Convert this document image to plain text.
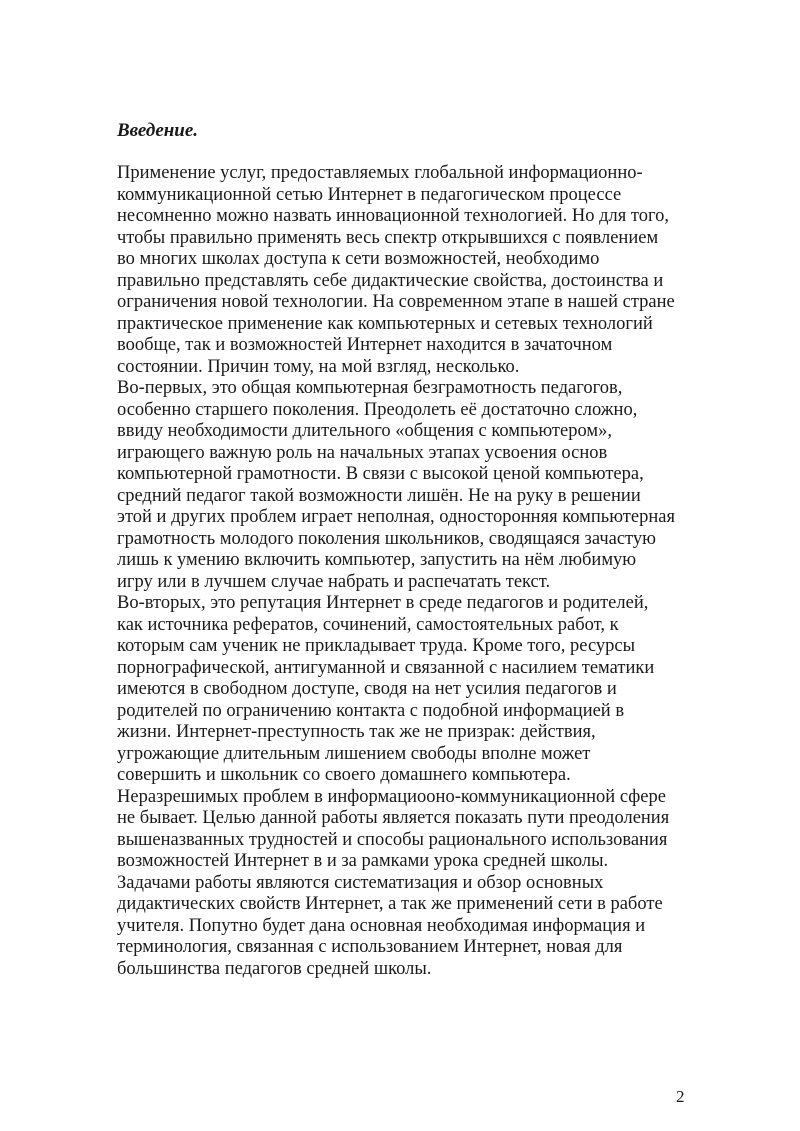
Введение.
Применение услуг, предоставляемых глобальной информационно-
коммуникационной сетью Интернет в педагогическом процессе
несомненно можно назвать инновационной технологией. Но для того,
чтобы правильно применять весь спектр открывшихся с появлением
во многих школах доступа к сети возможностей, необходимо
правильно представлять себе дидактические свойства, достоинства и
ограничения новой технологии. На современном этапе в нашей стране
практическое применение как компьютерных и сетевых технологий
вообще, так и возможностей Интернет находится в зачаточном
состоянии. Причин тому, на мой взгляд, несколько.
Во-первых, это общая компьютерная безграмотность педагогов,
особенно старшего поколения. Преодолеть её достаточно сложно,
ввиду необходимости длительного «общения с компьютером»,
играющего важную роль на начальных этапах усвоения основ
компьютерной грамотности. В связи с высокой ценой компьютера,
средний педагог такой возможности лишён. Не на руку в решении
этой и других проблем играет неполная, односторонняя компьютерная
грамотность молодого поколения школьников, сводящаяся зачастую
лишь к умению включить компьютер, запустить на нём любимую
игру или в лучшем случае набрать и распечатать текст.
Во-вторых, это репутация Интернет в среде педагогов и родителей,
как источника рефератов, сочинений, самостоятельных работ, к
которым сам ученик не прикладывает труда. Кроме того, ресурсы
порнографической, антигуманной и связанной с насилием тематики
имеются в свободном доступе, сводя на нет усилия педагогов и
родителей по ограничению контакта с подобной информацией в
жизни. Интернет-преступность так же не призрак: действия,
угрожающие длительным лишением свободы вполне может
совершить и школьник со своего домашнего компьютера.
Неразрешимых проблем в информациооно-коммуникационной сфере
не бывает. Целью данной работы является показать пути преодоления
вышеназванных трудностей и способы рационального использования
возможностей Интернет в и за рамками урока средней школы.
Задачами работы являются систематизация и обзор основных
дидактических свойств Интернет, а так же применений сети в работе
учителя. Попутно будет дана основная необходимая информация и
терминология, связанная с использованием Интернет, новая для
большинства педагогов средней школы.
2
